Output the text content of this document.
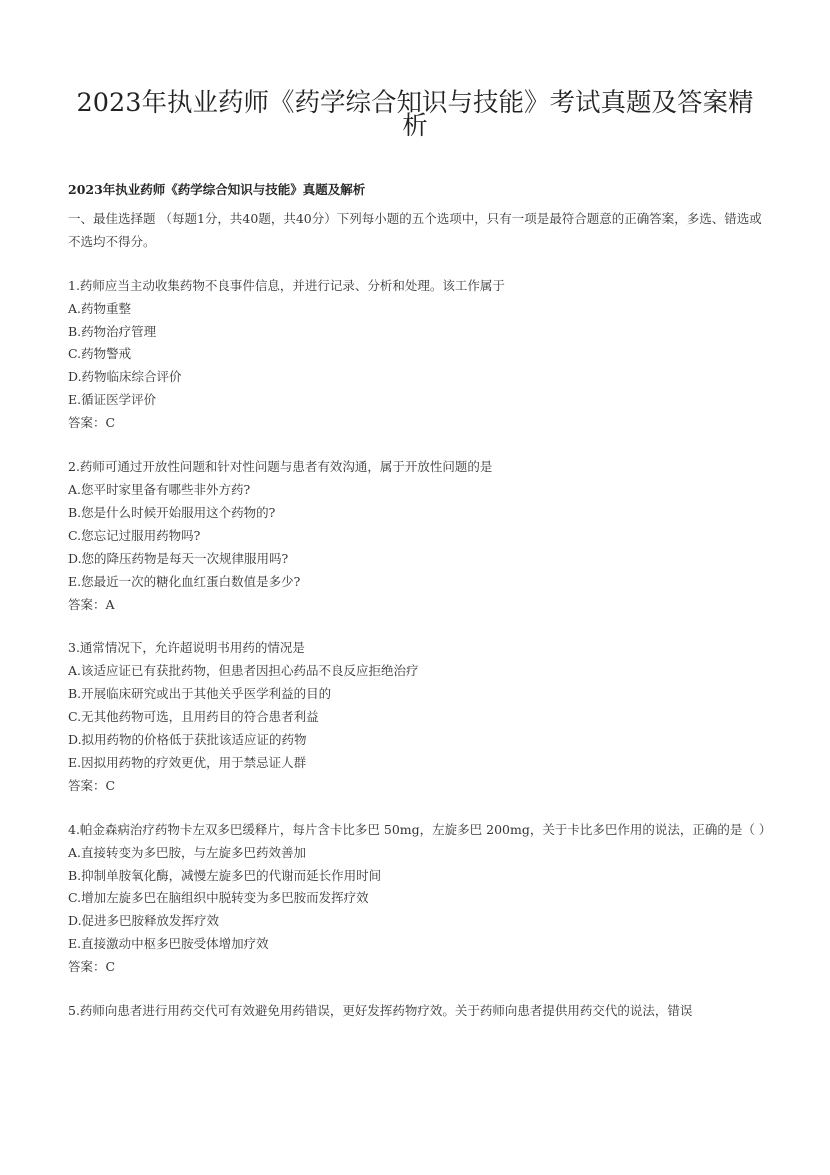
2023年执业药师《药学综合知识与技能》考试真题及答案精析
2023年执业药师《药学综合知识与技能》真题及解析
一、最佳选择题 （每题1分，共40题，共40分）下列每小题的五个选项中，只有一项是最符合题意的正确答案，多选、错选或不选均不得分。
1.药师应当主动收集药物不良事件信息，并进行记录、分析和处理。该工作属于
A.药物重整
B.药物治疗管理
C.药物警戒
D.药物临床综合评价
E.循证医学评价
答案：C
2.药师可通过开放性问题和针对性问题与患者有效沟通，属于开放性问题的是
A.您平时家里备有哪些非外方药?
B.您是什么时候开始服用这个药物的?
C.您忘记过服用药物吗?
D.您的降压药物是每天一次规律服用吗?
E.您最近一次的糖化血红蛋白数值是多少?
答案：A
3.通常情况下，允许超说明书用药的情况是
A.该适应证已有获批药物，但患者因担心药品不良反应拒绝治疗
B.开展临床研究或出于其他关乎医学利益的目的
C.无其他药物可选，且用药目的符合患者利益
D.拟用药物的价格低于获批该适应证的药物
E.因拟用药物的疗效更优，用于禁忌证人群
答案：C
4.帕金森病治疗药物卡左双多巴缓释片，每片含卡比多巴 50mg，左旋多巴 200mg，关于卡比多巴作用的说法，正确的是（ ）
A.直接转变为多巴胺，与左旋多巴药效善加
B.抑制单胺氧化酶，减慢左旋多巴的代谢而延长作用时间
C.增加左旋多巴在脑组织中脱转变为多巴胺而发挥疗效
D.促进多巴胺释放发挥疗效
E.直接激动中枢多巴胺受体增加疗效
答案：C
5.药师向患者进行用药交代可有效避免用药错误，更好发挥药物疗效。关于药师向患者提供用药交代的说法，错误
